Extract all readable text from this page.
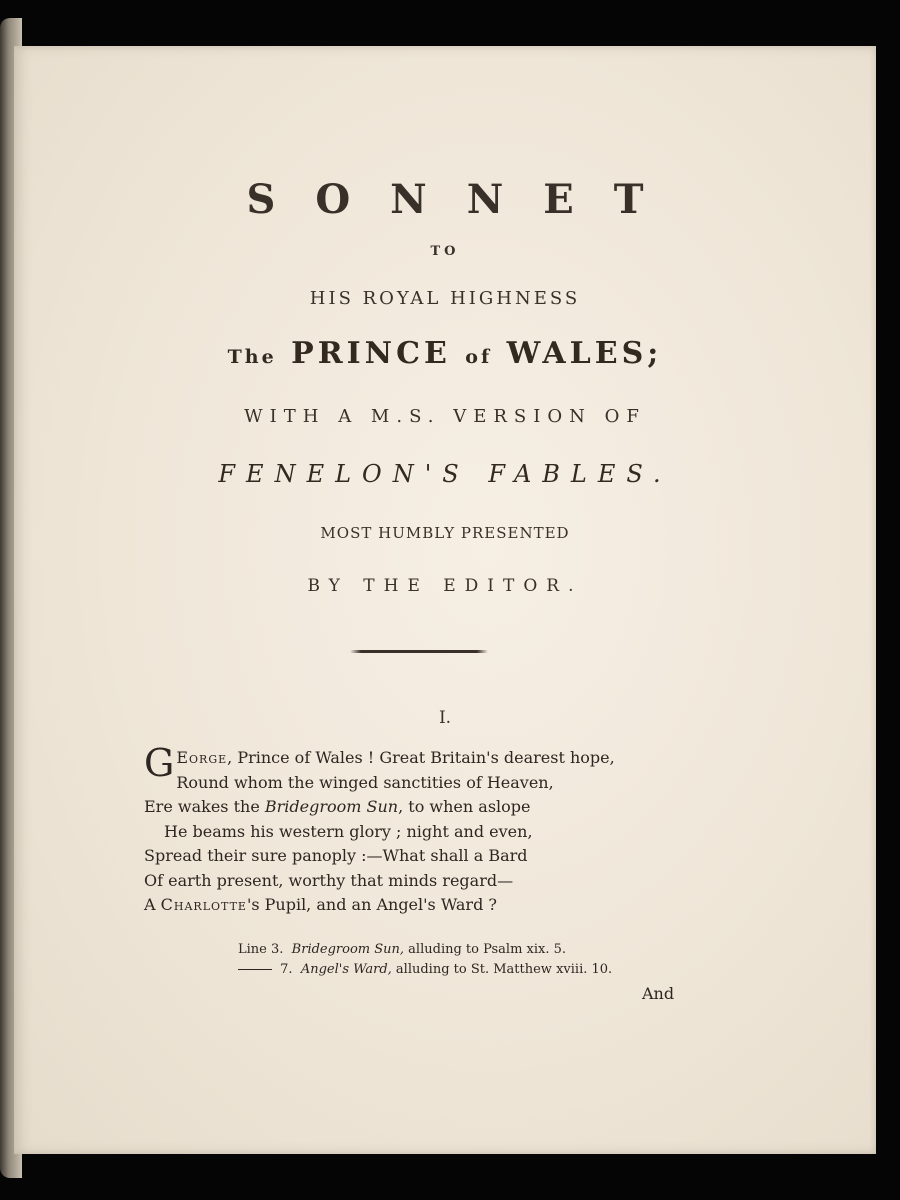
SONNET
TO
HIS ROYAL HIGHNESS
The PRINCE of WALES;
WITH A M.S. VERSION OF
FENELON'S FABLES.
MOST HUMBLY PRESENTED
BY THE EDITOR.
I.
G Eorge, Prince of Wales ! Great Britain's dearest hope,
Round whom the winged sanctities of Heaven,
Ere wakes the Bridegroom Sun, to when aslope
He beams his western glory ; night and even,
Spread their sure panoply :—What shall a Bard
Of earth present, worthy that minds regard—
A Charlotte's Pupil, and an Angel's Ward ?
Line 3. Bridegroom Sun, alluding to Psalm xix. 5.
7. Angel's Ward, alluding to St. Matthew xviii. 10.
And
